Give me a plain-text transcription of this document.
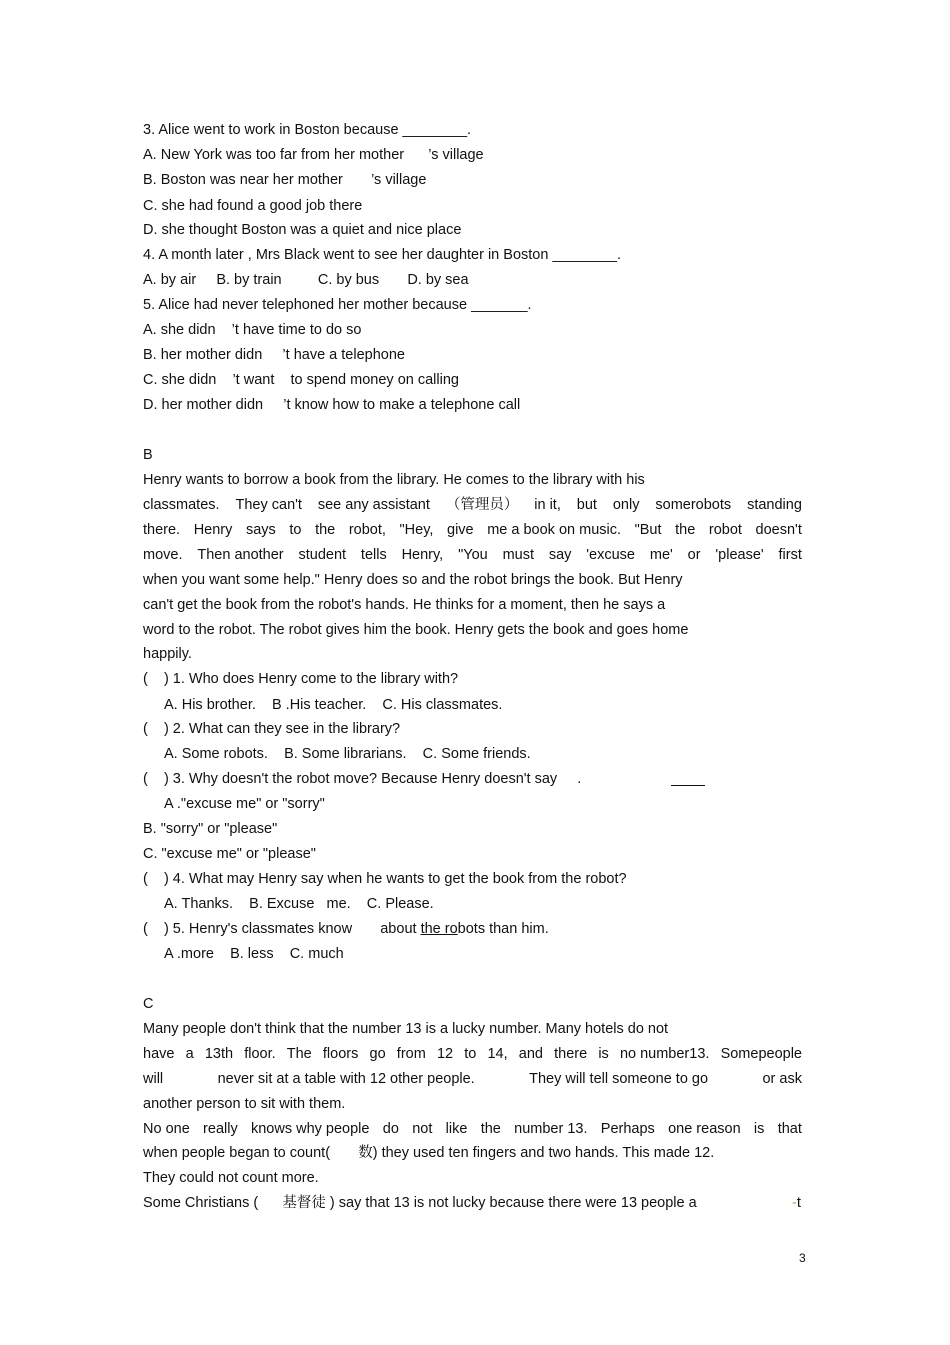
3. Alice went to work in Boston because ________.
A. New York was too far from her mother      ’s village
B. Boston was near her mother       ’s village
C. she had found a good job there
D. she thought Boston was a quiet and nice place
4. A month later , Mrs Black went to see her daughter in Boston ________.
A. by air     B. by train         C. by bus       D. by sea
5. Alice had never telephoned her mother because _______.
A. she didn    ’t have time to do so
B. her mother didn     ’t have a telephone
C. she didn    ’t want    to spend money on calling
D. her mother didn     ’t know how to make a telephone call
B
Henry wants to borrow a book from the library. He comes to the library with his
classmates. They can't see any assistant （管理员） in it, but only somerobots standing
there. Henry says to the robot, "Hey, give me a book on music. "But the robot doesn't
move. Then another student tells Henry, "You must say 'excuse me' or 'please' first
when you want some help." Henry does so and the robot brings the book. But Henry
can't get the book from the robot's hands. He thinks for a moment, then he says a
word to the robot. The robot gives him the book. Henry gets the book and goes home
happily.
(    ) 1. Who does Henry come to the library with?
A. His brother.    B .His teacher.    C. His classmates.
(    ) 2. What can they see in the library?
A. Some robots.    B. Some librarians.    C. Some friends.
(    ) 3. Why doesn't the robot move? Because Henry doesn't say     .
A ."excuse me" or "sorry"
B. "sorry" or "please"
C. "excuse me" or "please"
(    ) 4. What may Henry say when he wants to get the book from the robot?
A. Thanks.    B. Excuse   me.    C. Please.
(    ) 5. Henry's classmates know       about the robots than him.
A .more    B. less    C. much
C
Many people don't think that the number 13 is a lucky number. Many hotels do not
have a 13th floor. The floors go from 12 to 14, and there is no number13. Somepeople
will	never sit at a table with 12 other people.	They will tell someone to go	or ask
another person to sit with them.
No one really knows why people do not like the number 13. Perhaps one reason is that
when people began to count(       数) they used ten fingers and two hands. This made 12.
They could not count more.
Some Christians (      基督徒 ) say that 13 is not lucky because there were 13 people a	-t
3
